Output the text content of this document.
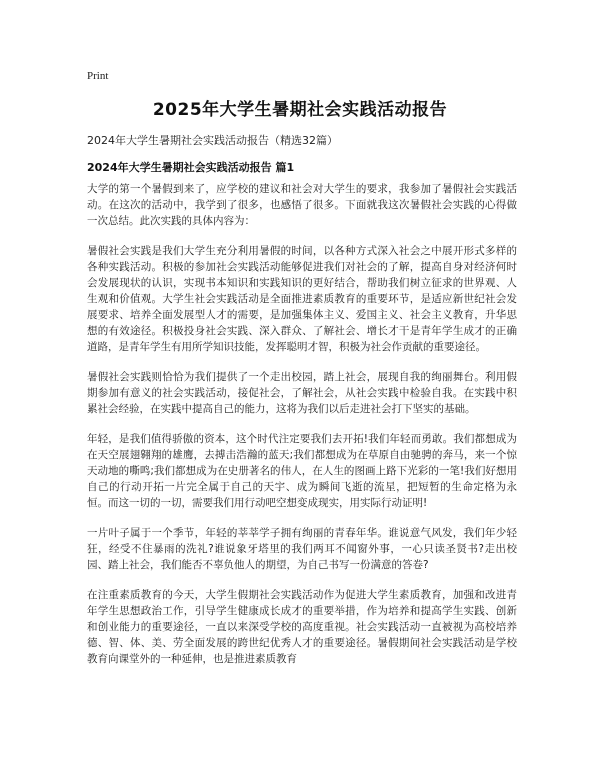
Print
2025年大学生暑期社会实践活动报告
2024年大学生暑期社会实践活动报告（精选32篇）
2024年大学生暑期社会实践活动报告 篇1

大学的第一个暑假到来了，应学校的建议和社会对大学生的要求，我参加了暑假社会实践活动。在这次的活动中，我学到了很多，也感悟了很多。下面就我这次暑假社会实践的心得做一次总结。此次实践的具体内容为：

暑假社会实践是我们大学生充分利用暑假的时间，以各种方式深入社会之中展开形式多样的各种实践活动。积极的参加社会实践活动能够促进我们对社会的了解，提高自身对经济何时会发展现状的认识，实现书本知识和实践知识的更好结合，帮助我们树立征求的世界观、人生观和价值观。大学生社会实践活动是全面推进素质教育的重要环节，是适应新世纪社会发展要求、培养全面发展型人才的需要，是加强集体主义、爱国主义、社会主义教育，升华思想的有效途径。积极投身社会实践、深入群众、了解社会、增长才干是青年学生成才的正确道路，是青年学生有用所学知识技能，发挥聪明才智，积极为社会作贡献的重要途径。

暑假社会实践则恰恰为我们提供了一个走出校园，踏上社会，展现自我的绚丽舞台。利用假期参加有意义的社会实践活动，接促社会，了解社会，从社会实践中检验自我。在实践中积累社会经验，在实践中提高自己的能力，这将为我们以后走进社会打下坚实的基础。

年轻，是我们值得骄傲的资本，这个时代注定要我们去开拓!我们年轻而勇敢。我们都想成为在天空展翅翱翔的雄鹰，去搏击浩瀚的蓝天;我们都想成为在草原自由驰骋的奔马，来一个惊天动地的嘶鸣;我们都想成为在史册著名的伟人，在人生的图画上路下光彩的一笔!我们好想用自己的行动开拓一片完全属于自己的天宇、成为瞬间飞逝的流星，把短暂的生命定格为永恒。而这一切的一切，需要我们用行动吧空想变成现实，用实际行动证明!

一片叶子属于一个季节，年轻的莘莘学子拥有绚丽的青春年华。谁说意气风发，我们年少轻狂，经受不住暴雨的洗礼?谁说象牙塔里的我们两耳不闻窗外事，一心只读圣贤书?走出校园、踏上社会，我们能否不辜负他人的期望，为自己书写一份满意的答卷?

在注重素质教育的今天，大学生假期社会实践活动作为促进大学生素质教育，加强和改进青年学生思想政治工作，引导学生健康成长成才的重要举措，作为培养和提高学生实践、创新和创业能力的重要途径，一直以来深受学校的高度重视。社会实践活动一直被视为高校培养德、智、体、美、劳全面发展的跨世纪优秀人才的重要途径。暑假期间社会实践活动是学校教育向课堂外的一种延伸，也是推进素质教育
